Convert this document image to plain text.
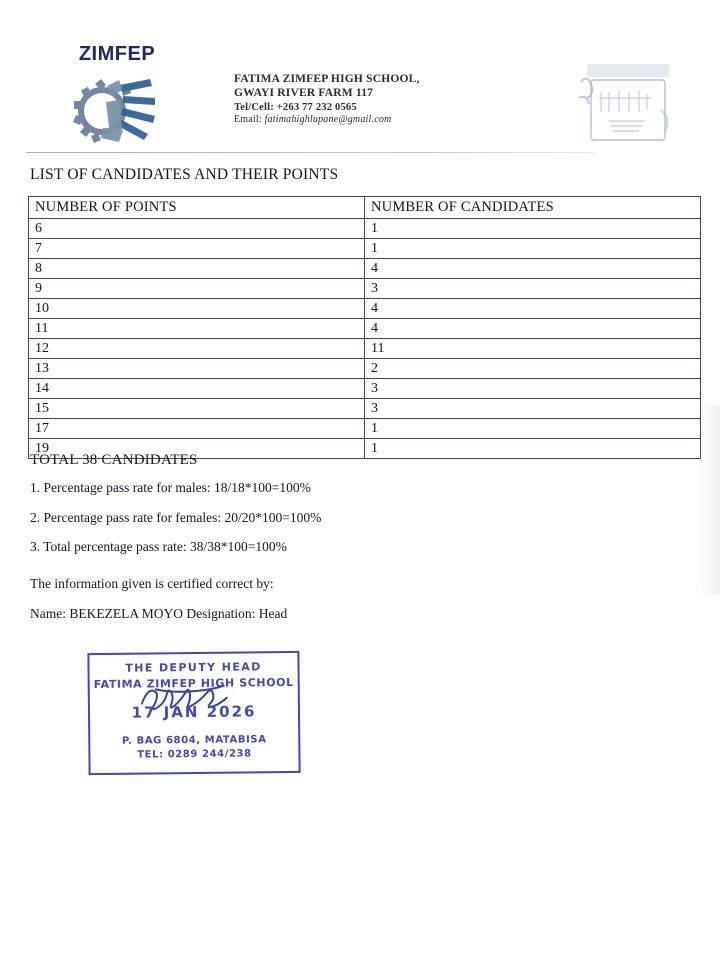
ZIMFEP
FATIMA ZIMFEP HIGH SCHOOL,
GWAYI RIVER FARM 117
Tel/Cell: +263 77 232 0565
Email: fatimahighlupane@gmail.com
LIST OF CANDIDATES AND THEIR POINTS
NUMBER OF POINTS	NUMBER OF CANDIDATES
6	1
7	1
8	4
9	3
10	4
11	4
12	11
13	2
14	3
15	3
17	1
19	1
TOTAL 38 CANDIDATES
1. Percentage pass rate for males: 18/18*100=100%
2. Percentage pass rate for females: 20/20*100=100%
3. Total percentage pass rate: 38/38*100=100%
The information given is certified correct by:
Name: BEKEZELA MOYO Designation: Head
THE DEPUTY HEAD
FATIMA ZIMFEP HIGH SCHOOL
17 JAN 2026
P. BAG 6804, MATABISA
TEL: 0289 244/238
